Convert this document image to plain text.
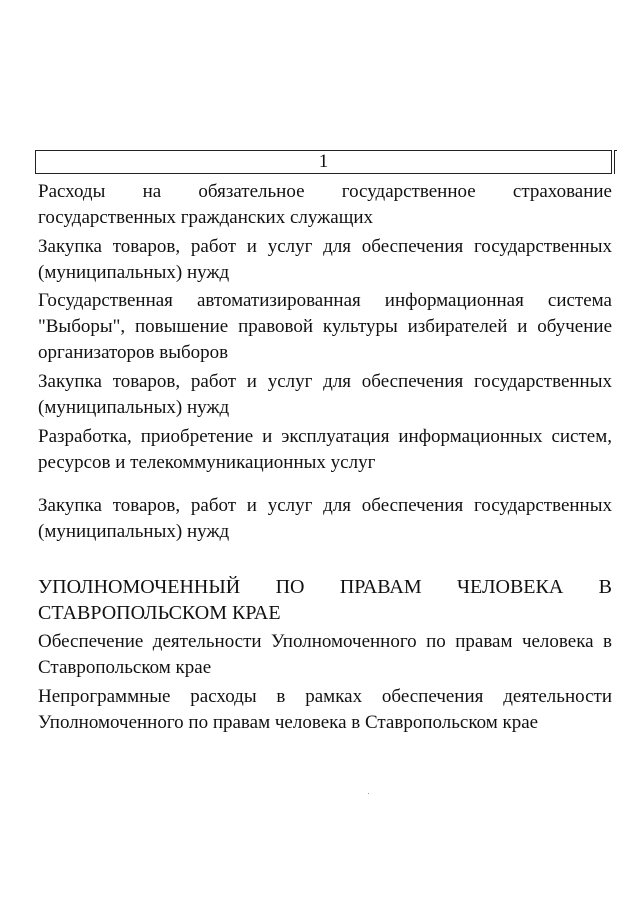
1
Расходы на обязательное государственное страхование государственных гражданских служащих
Закупка товаров, работ и услуг для обеспечения государственных (муниципальных) нужд
Государственная автоматизированная информационная система "Выборы", повышение правовой культуры избирателей и обучение организаторов выборов
Закупка товаров, работ и услуг для обеспечения государственных (муниципальных) нужд
Разработка, приобретение и эксплуатация информационных систем, ресурсов и телекоммуникационных услуг
Закупка товаров, работ и услуг для обеспечения государственных (муниципальных) нужд
УПОЛНОМОЧЕННЫЙ ПО ПРАВАМ ЧЕЛОВЕКА В СТАВРОПОЛЬСКОМ КРАЕ
Обеспечение деятельности Уполномоченного по правам человека в Ставропольском крае
Непрограммные расходы в рамках обеспечения деятельности Уполномоченного по правам человека в Ставропольском крае
